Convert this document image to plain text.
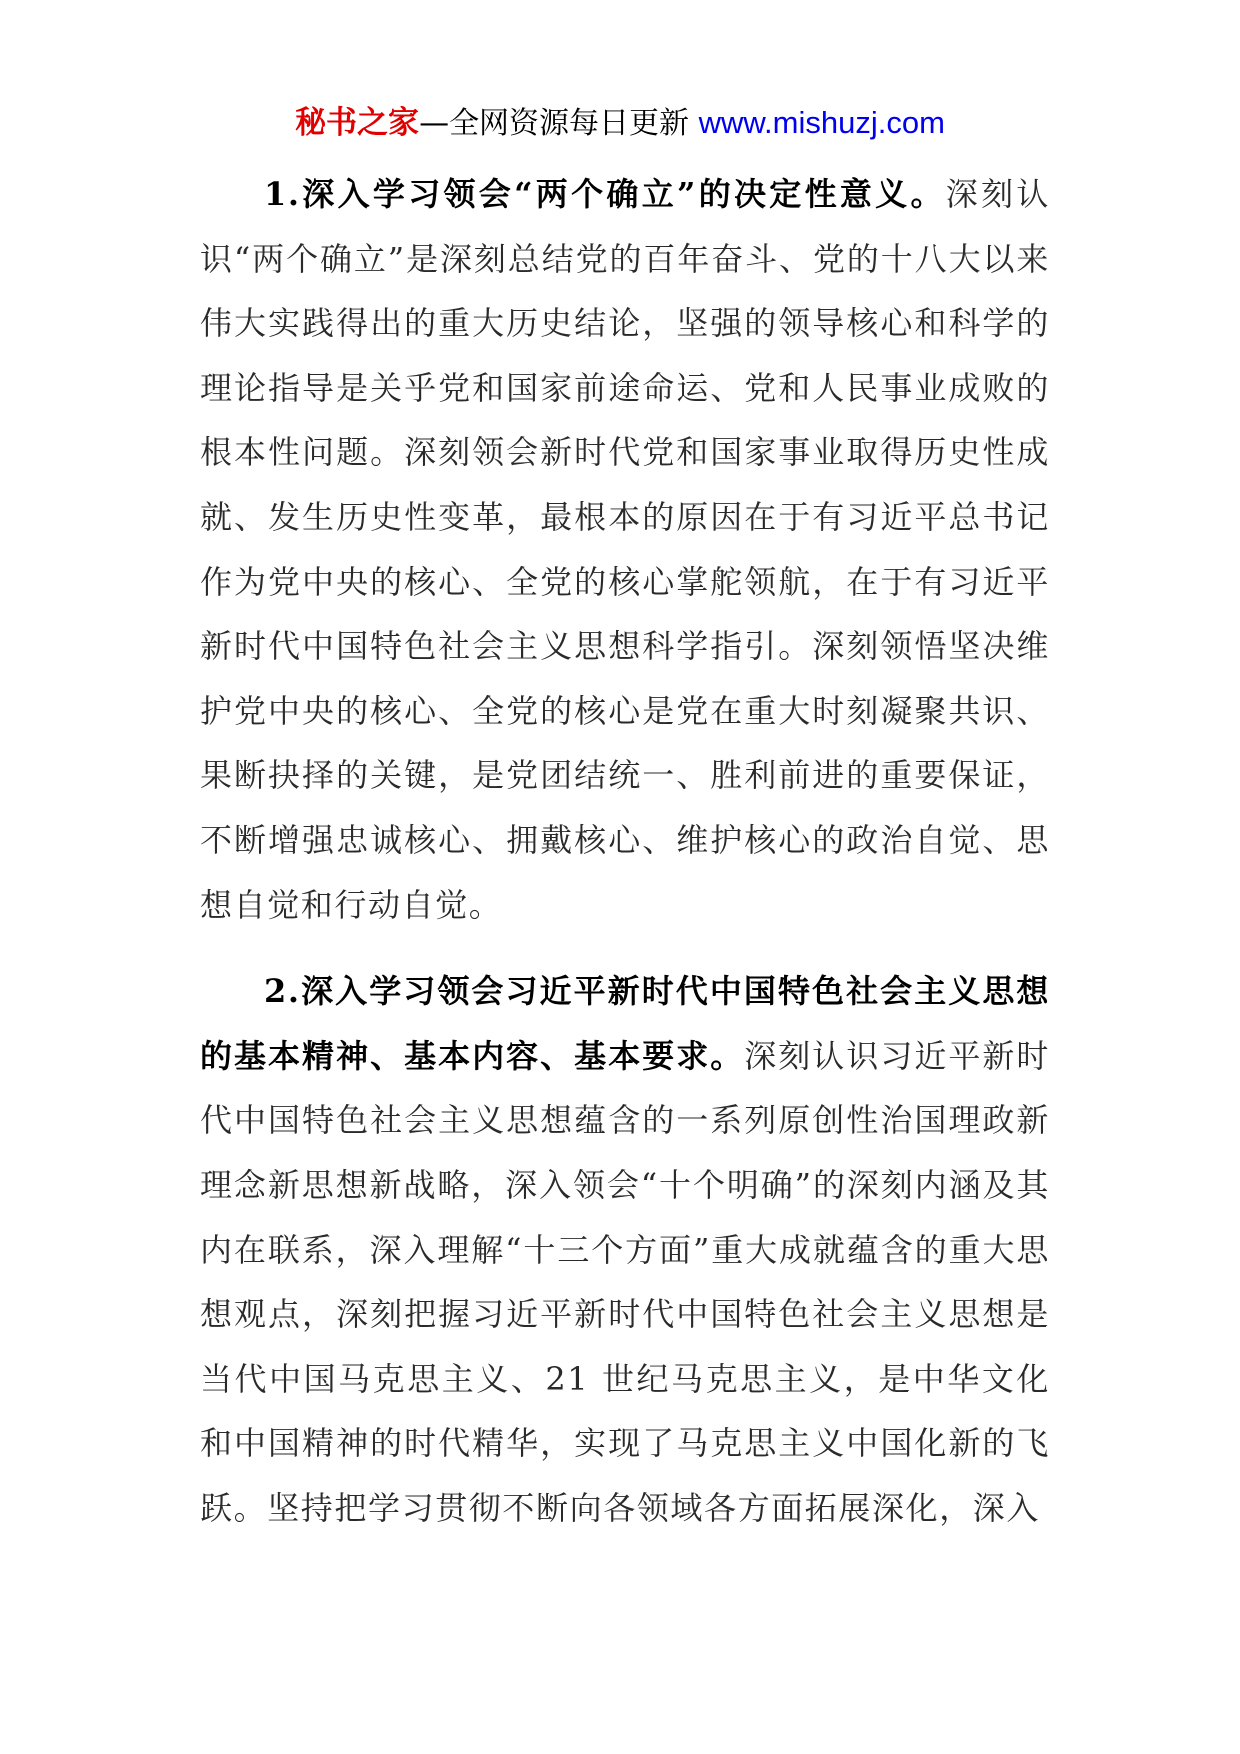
秘书之家—全网资源每日更新 www.mishuzj.com

1.深入学习领会“两个确立”的决定性意义。深刻认识“两个确立”是深刻总结党的百年奋斗、党的十八大以来伟大实践得出的重大历史结论，坚强的领导核心和科学的理论指导是关乎党和国家前途命运、党和人民事业成败的根本性问题。深刻领会新时代党和国家事业取得历史性成就、发生历史性变革，最根本的原因在于有习近平总书记作为党中央的核心、全党的核心掌舵领航，在于有习近平新时代中国特色社会主义思想科学指引。深刻领悟坚决维护党中央的核心、全党的核心是党在重大时刻凝聚共识、果断抉择的关键，是党团结统一、胜利前进的重要保证，不断增强忠诚核心、拥戴核心、维护核心的政治自觉、思想自觉和行动自觉。

2.深入学习领会习近平新时代中国特色社会主义思想的基本精神、基本内容、基本要求。深刻认识习近平新时代中国特色社会主义思想蕴含的一系列原创性治国理政新理念新思想新战略，深入领会“十个明确”的深刻内涵及其内在联系，深入理解“十三个方面”重大成就蕴含的重大思想观点，深刻把握习近平新时代中国特色社会主义思想是当代中国马克思主义、21 世纪马克思主义，是中华文化和中国精神的时代精华，实现了马克思主义中国化新的飞跃。坚持把学习贯彻不断向各领域各方面拓展深化，深入
